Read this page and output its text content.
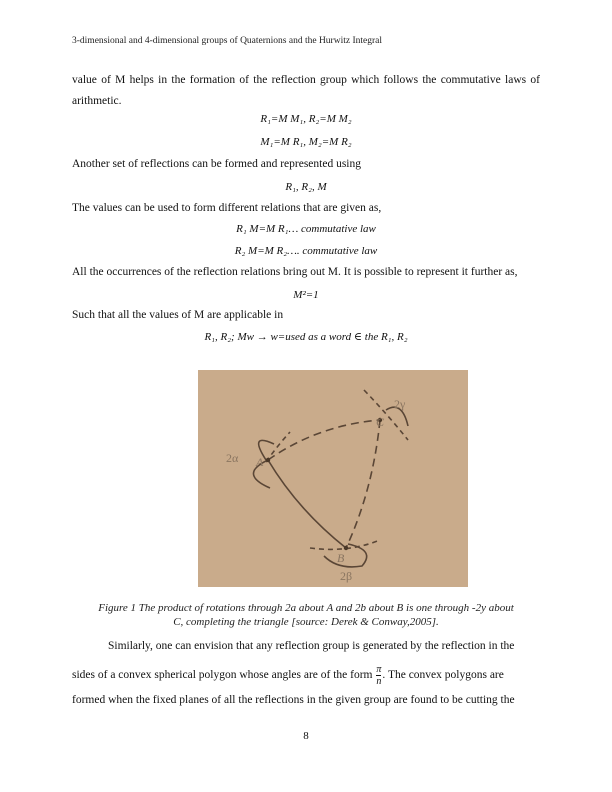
3-dimensional and 4-dimensional groups of Quaternions and the Hurwitz Integral
value of M helps in the formation of the reflection group which follows the commutative laws of arithmetic.
R₁=M M₁, R₂=M M₂
M₁=M R₁, M₂=M R₂
Another set of reflections can be formed and represented using
R₁, R₂, M
The values can be used to form different relations that are given as,
R₁ M=M R₁… commutative law
R₂ M=M R₂…. commutative law
All the occurrences of the reflection relations bring out M. It is possible to represent it further as,
M²=1
Such that all the values of M are applicable in
R₁, R₂; Mw → w=used as a word ∈ the R₁, R₂
A
B
C
2α
2β
2γ
Figure 1 The product of rotations through 2a about A and 2b about B is one through -2y about
C, completing the triangle [source: Derek & Conway,2005].
Similarly, one can envision that any reflection group is generated by the reflection in the
sides of a convex spherical polygon whose angles are of the form $\frac{\pi}{n}$ . The convex polygons are
formed when the fixed planes of all the reflections in the given group are found to be cutting the
8
